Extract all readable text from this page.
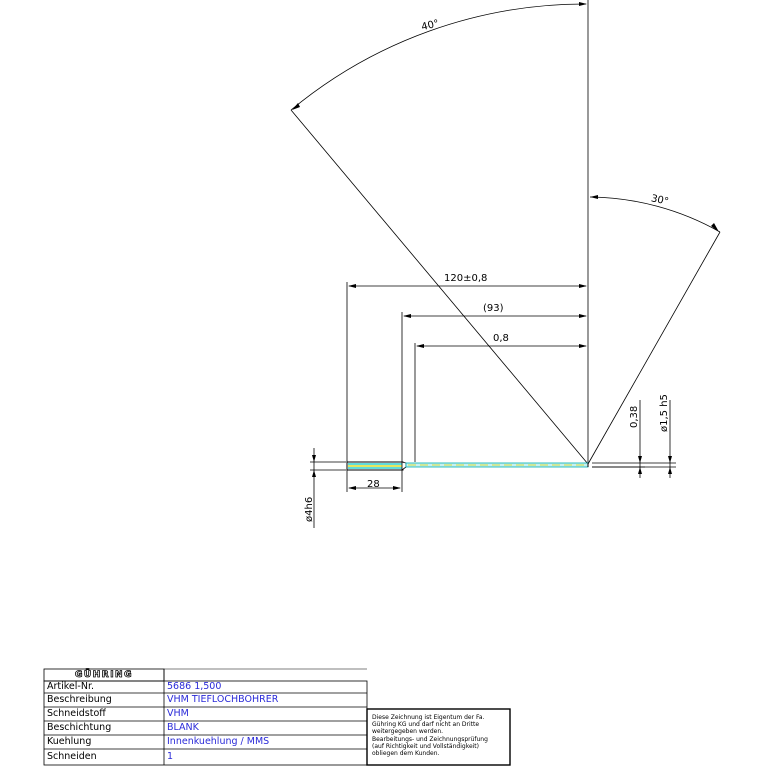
40°
30°
120±0,8
(93)
0,8
28
ø4h6
0,38 ø1,5 h5
GÜHRING
Artikel-Nr.	5686 1,500
Beschreibung	VHM TIEFLOCHBOHRER
Schneidstoff	VHM
Beschichtung	BLANK
Kuehlung	Innenkuehlung / MMS
Schneiden	1
Diese Zeichnung ist Eigentum der Fa.
Gühring KG und darf nicht an Dritte
weitergegeben werden.
Bearbeitungs- und Zeichnungsprüfung
(auf Richtigkeit und Vollständigkeit)
obliegen dem Kunden.
